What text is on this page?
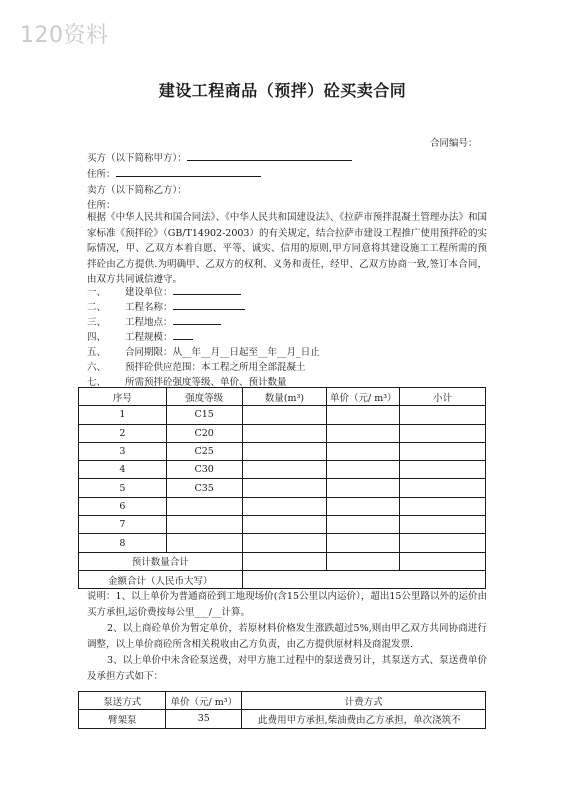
120资料
建设工程商品（预拌）砼买卖合同
合同编号：
买方（以下简称甲方）：
住所：
卖方（以下简称乙方）：
住所：
根据《中华人民共和国合同法》、《中华人民共和国建设法》、《拉萨市预拌混凝土管理办法》和国家标准《预拌砼》（GB/T14902-2003）的有关规定，结合拉萨市建设工程推广使用预拌砼的实际情况，甲、乙双方本着自愿、平等、诚实、信用的原则,甲方同意将其建设施工工程所需的预拌砼由乙方提供.为明确甲、乙双方的权利、义务和责任，经甲、乙双方协商一致,签订本合同，由双方共同诚信遵守。
一、 建设单位：
二、 工程名称：
三、 工程地点：
四、 工程规模：
五、 合同期限：从__年__月__日起至__年__月_日止
六、 预拌砼供应范围：本工程之所用全部混凝土
七、 所需预拌砼强度等级、单价、预计数量
序号	强度等级	数量(m³)	单价（元/ m³）	小计
1	C15			
2	C20			
3	C25			
4	C30			
5	C35			
6				
7				
8				
预计数量合计				
金额合计（人民币大写）				
说明：1、以上单价为普通商砼到工地现场价(含15公里以内运价），超出15公里路以外的运价由买方承担,运价费按每公里___/__计算。
2、以上商砼单价为暂定单价，若原材料价格发生涨跌超过5%,则由甲乙双方共同协商进行调整，以上单价商砼所含相关税收由乙方负责，由乙方提供原材料及商混发票.
3、以上单价中未含砼泵送费，对甲方施工过程中的泵送费另计，其泵送方式、泵送费单价及承担方式如下：
泵送方式	单价（元/ m³）	计费方式
臂架泵	35	此费用甲方承担,柴油费由乙方承担，单次浇筑不
